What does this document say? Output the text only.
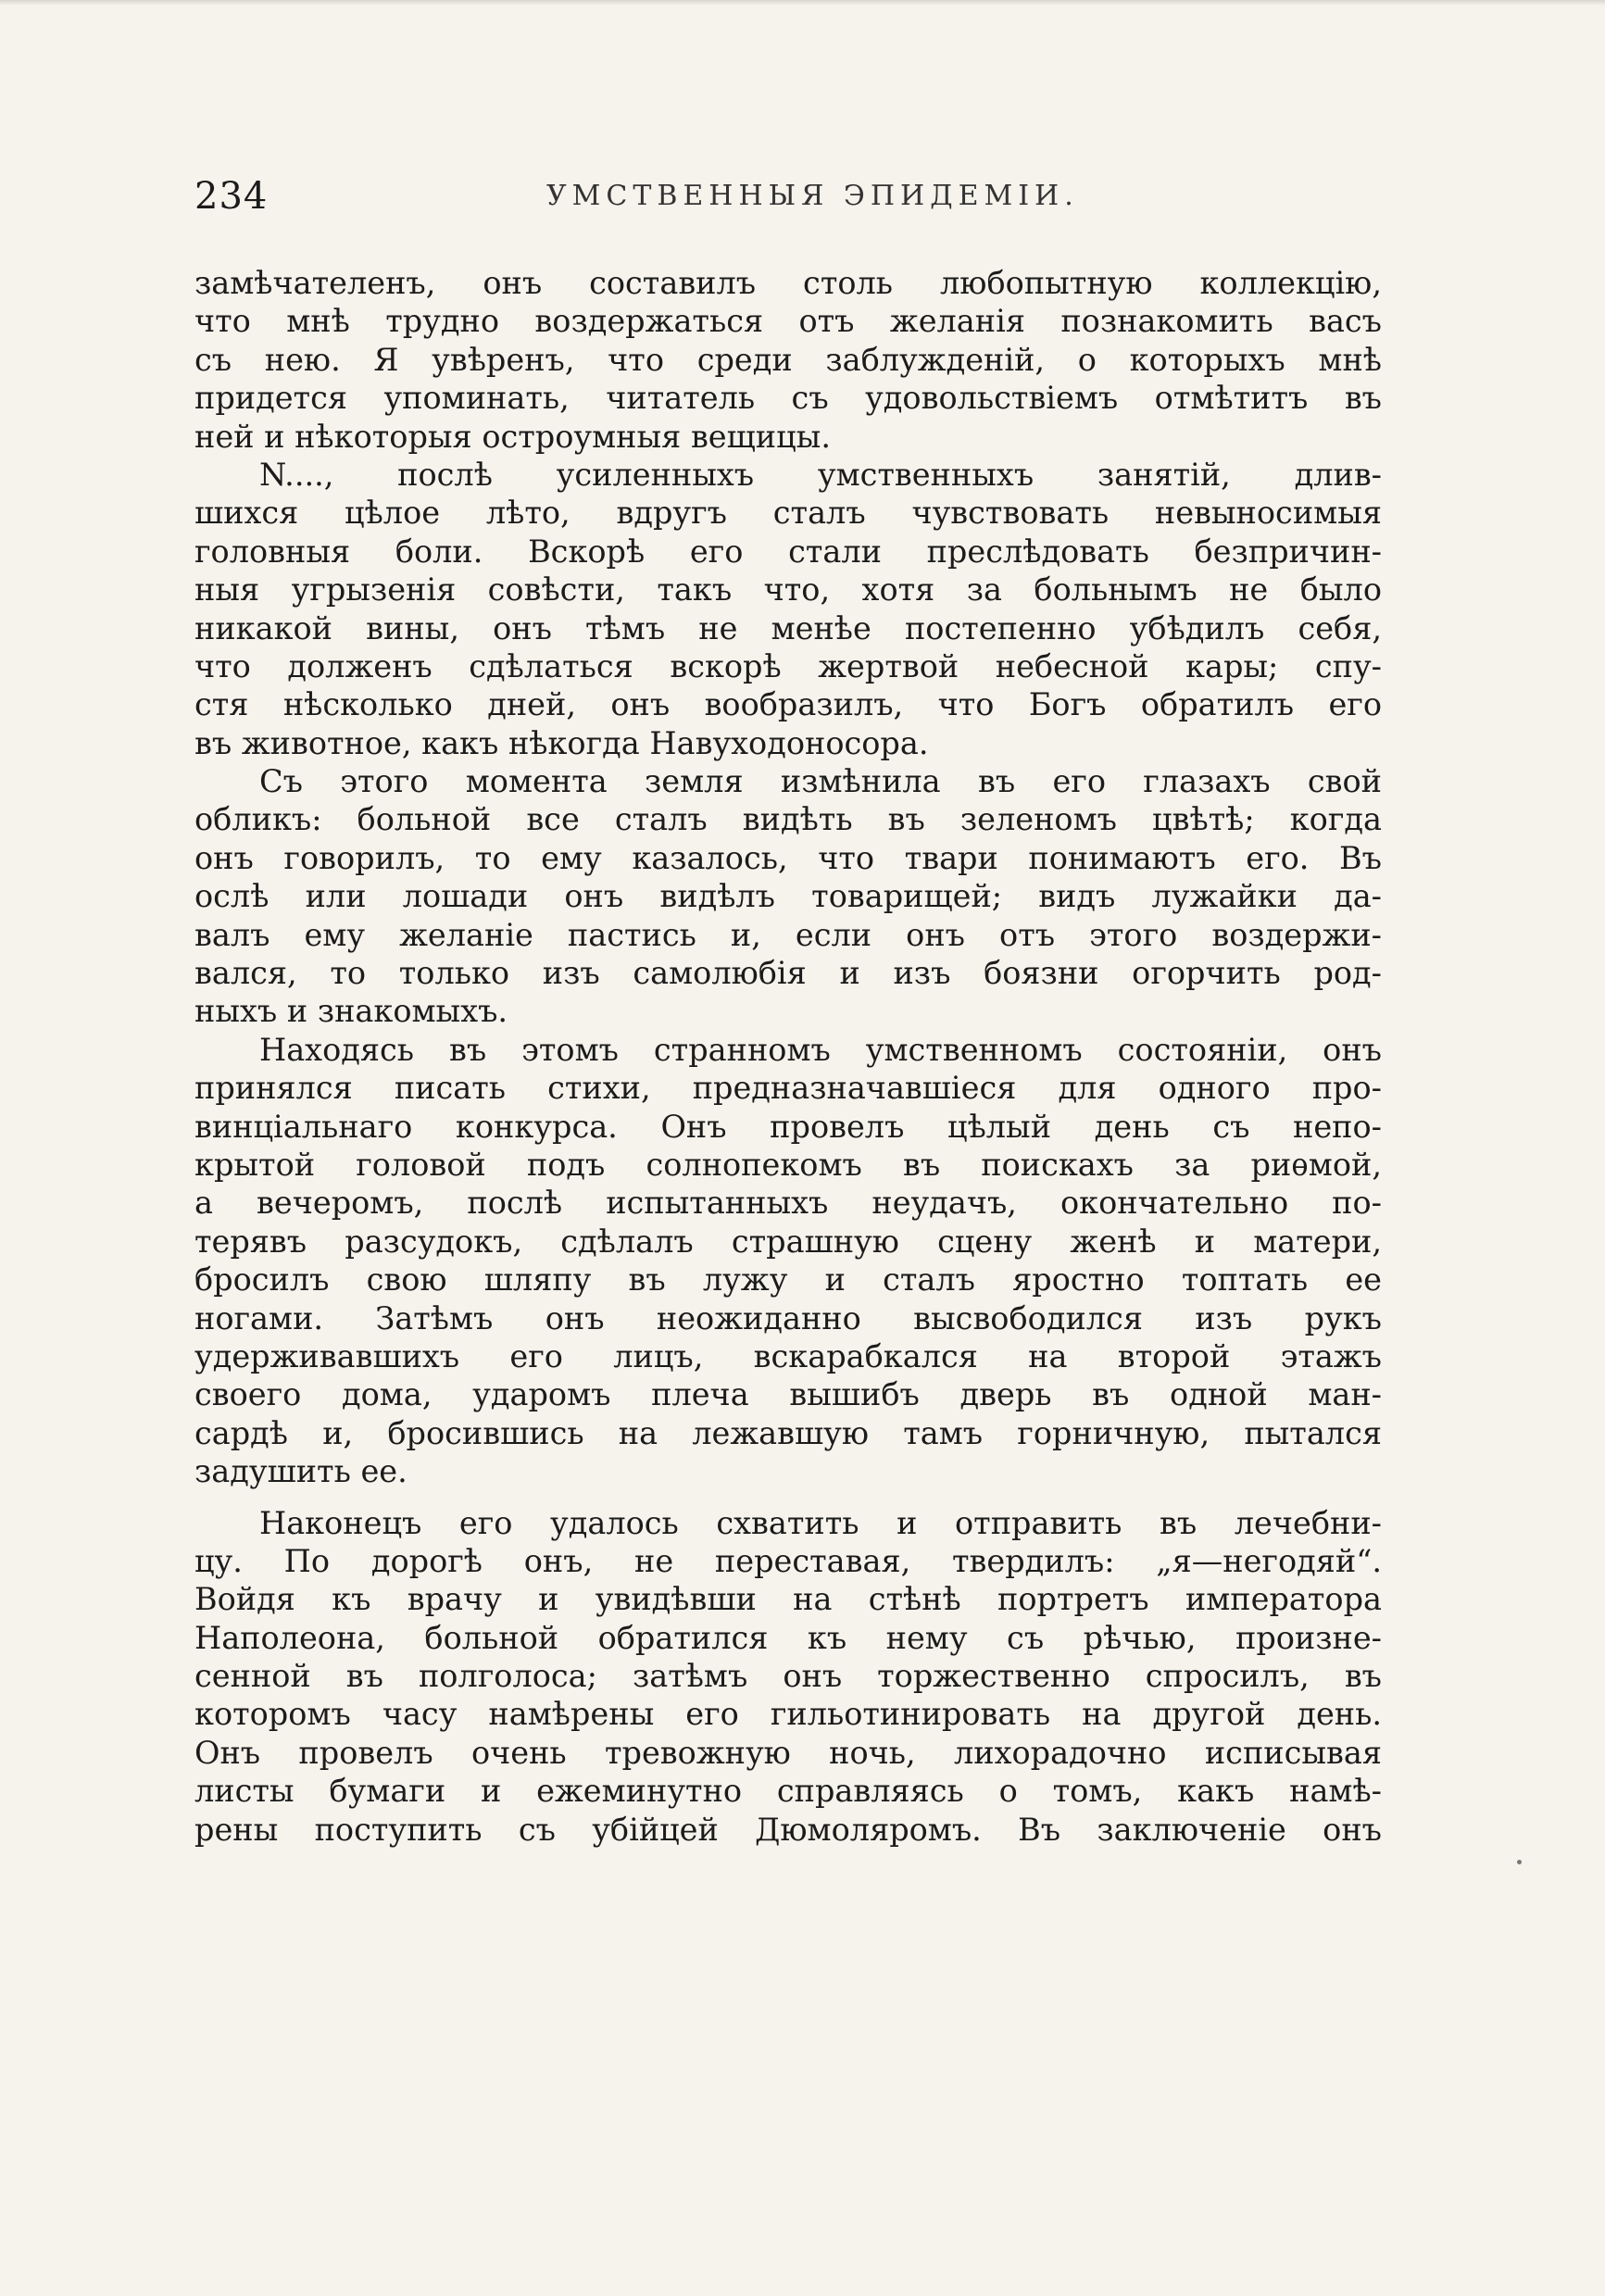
234	УМСТВЕННЫЯ ЭПИДЕМІИ.
замѣчателенъ, онъ составилъ столь любопытную коллекцію,
что мнѣ трудно воздержаться отъ желанія познакомить васъ
съ нею. Я увѣренъ, что среди заблужденій, о которыхъ мнѣ
придется упоминать, читатель съ удовольствіемъ отмѣтитъ въ
ней и нѣкоторыя остроумныя вещицы.
N...., послѣ усиленныхъ умственныхъ занятій, длив-
шихся цѣлое лѣто, вдругъ сталъ чувствовать невыносимыя
головныя боли. Вскорѣ его стали преслѣдовать безпричин-
ныя угрызенія совѣсти, такъ что, хотя за больнымъ не было
никакой вины, онъ тѣмъ не менѣе постепенно убѣдилъ себя,
что долженъ сдѣлаться вскорѣ жертвой небесной кары; спу-
стя нѣсколько дней, онъ вообразилъ, что Богъ обратилъ его
въ животное, какъ нѣкогда Навуходоносора.
Съ этого момента земля измѣнила въ его глазахъ свой
обликъ: больной все сталъ видѣть въ зеленомъ цвѣтѣ; когда
онъ говорилъ, то ему казалось, что твари понимаютъ его. Въ
ослѣ или лошади онъ видѣлъ товарищей; видъ лужайки да-
валъ ему желаніе пастись и, если онъ отъ этого воздержи-
вался, то только изъ самолюбія и изъ боязни огорчить род-
ныхъ и знакомыхъ.
Находясь въ этомъ странномъ умственномъ состояніи, онъ
принялся писать стихи, предназначавшіеся для одного про-
винціальнаго конкурса. Онъ провелъ цѣлый день съ непо-
крытой головой подъ солнопекомъ въ поискахъ за риѳмой,
а вечеромъ, послѣ испытанныхъ неудачъ, окончательно по-
терявъ разсудокъ, сдѣлалъ страшную сцену женѣ и матери,
бросилъ свою шляпу въ лужу и сталъ яростно топтать ее
ногами. Затѣмъ онъ неожиданно высвободился изъ рукъ
удерживавшихъ его лицъ, вскарабкался на второй этажъ
своего дома, ударомъ плеча вышибъ дверь въ одной ман-
сардѣ и, бросившись на лежавшую тамъ горничную, пытался
задушить ее.
Наконецъ его удалось схватить и отправить въ лечебни-
цу. По дорогѣ онъ, не переставая, твердилъ: „я—негодяй“.
Войдя къ врачу и увидѣвши на стѣнѣ портретъ императора
Наполеона, больной обратился къ нему съ рѣчью, произне-
сенной въ полголоса; затѣмъ онъ торжественно спросилъ, въ
которомъ часу намѣрены его гильотинировать на другой день.
Онъ провелъ очень тревожную ночь, лихорадочно исписывая
листы бумаги и ежеминутно справляясь о томъ, какъ намѣ-
рены поступить съ убійцей Дюмоляромъ. Въ заключеніе онъ
